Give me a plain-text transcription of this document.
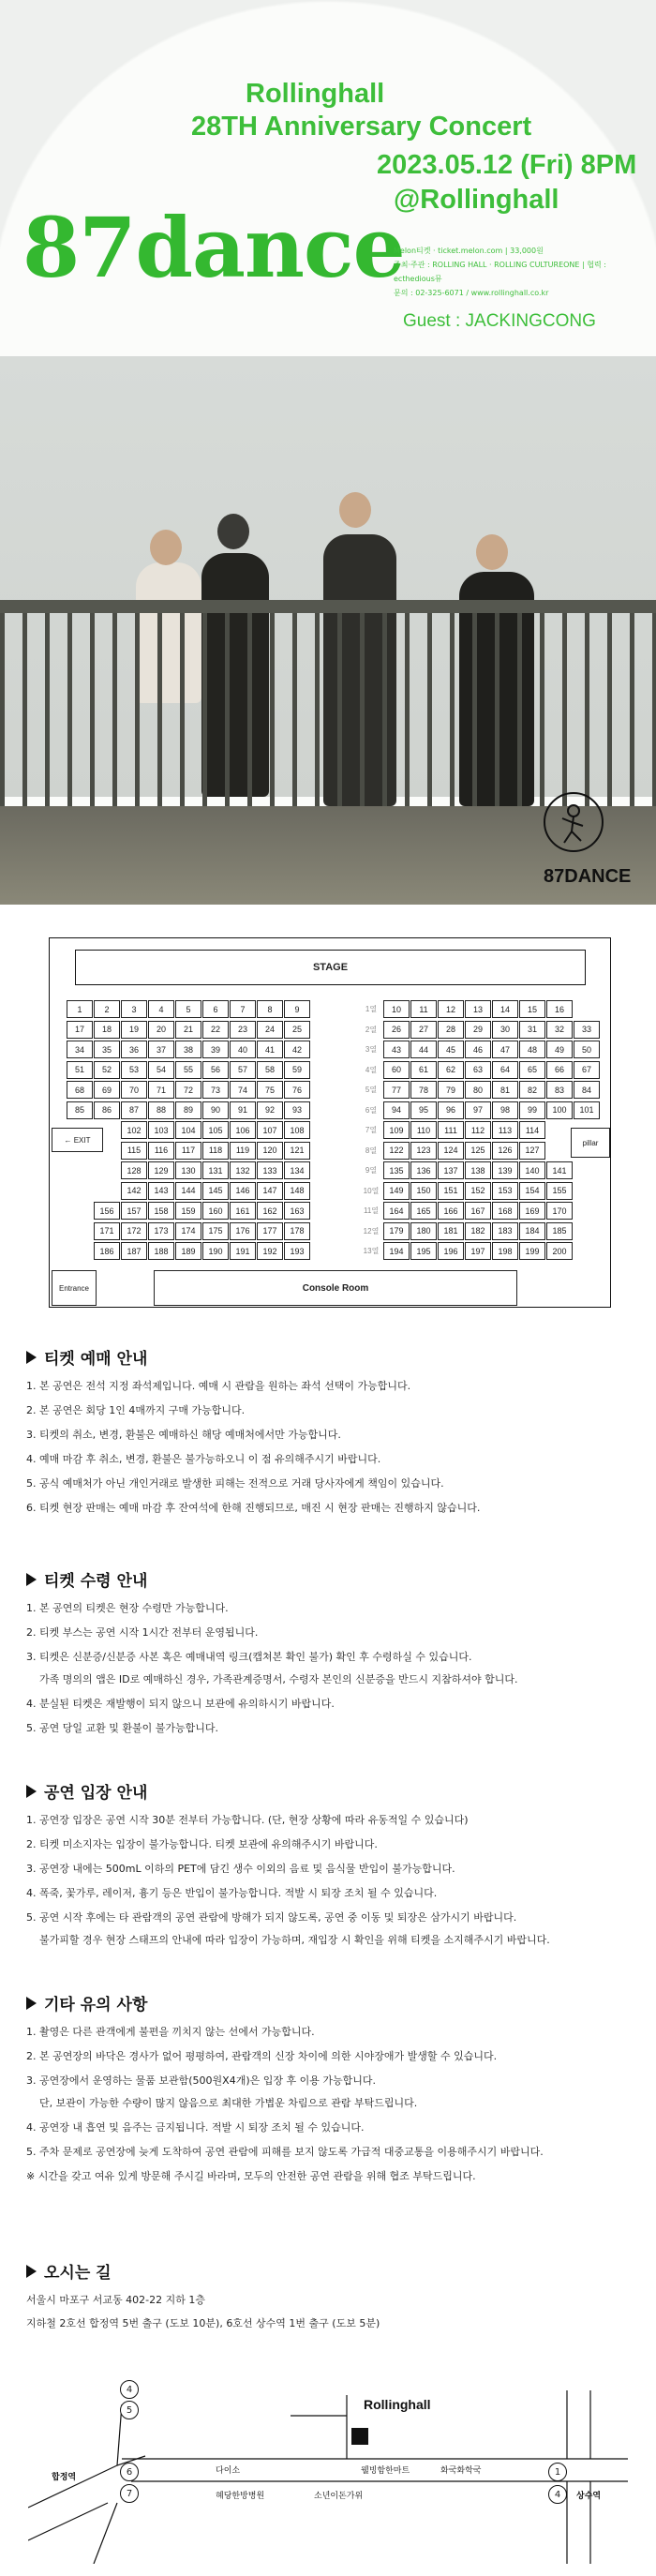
Rollinghall
28TH Anniversary Concert
2023.05.12 (Fri) 8PM
@Rollinghall
87dance
Melon티켓 · ticket.melon.com | 33,000원
주최·주관 : ROLLING HALL · ROLLING CULTUREONE | 협력 : ecthedious뮤
문의 : 02-325-6071 / www.rollinghall.co.kr
Guest : JACKINGCONG
87DANCE
STAGE
1	2	3	4	5	6	7	8	9	1열
17	18	19	20	21	22	23	24	25	2열
34	35	36	37	38	39	40	41	42	3열
51	52	53	54	55	56	57	58	59	4열
68	69	70	71	72	73	74	75	76	5열
85	86	87	88	89	90	91	92	93	6열
102	103	104	105	106	107	108	7열
115	116	117	118	119	120	121	8열
128	129	130	131	132	133	134	9열
142	143	144	145	146	147	148	10열
156	157	158	159	160	161	162	163	11열
171	172	173	174	175	176	177	178	12열
186	187	188	189	190	191	192	193	13열
10	11	12	13	14	15	16
26	27	28	29	30	31	32	33
43	44	45	46	47	48	49	50
60	61	62	63	64	65	66	67
77	78	79	80	81	82	83	84
94	95	96	97	98	99	100	101
109	110	111	112	113	114
122	123	124	125	126	127
135	136	137	138	139	140	141
149	150	151	152	153	154	155
164	165	166	167	168	169	170
179	180	181	182	183	184	185
194	195	196	197	198	199	200
← EXIT	pillar
Entrance	Console Room
티켓 예매 안내
1. 본 공연은 전석 지정 좌석제입니다. 예매 시 관람을 원하는 좌석 선택이 가능합니다.
2. 본 공연은 회당 1인 4매까지 구매 가능합니다.
3. 티켓의 취소, 변경, 환불은 예매하신 해당 예매처에서만 가능합니다.
4. 예매 마감 후 취소, 변경, 환불은 불가능하오니 이 점 유의해주시기 바랍니다.
5. 공식 예매처가 아닌 개인거래로 발생한 피해는 전적으로 거래 당사자에게 책임이 있습니다.
6. 티켓 현장 판매는 예매 마감 후 잔여석에 한해 진행되므로, 매진 시 현장 판매는 진행하지 않습니다.
티켓 수령 안내
1. 본 공연의 티켓은 현장 수령만 가능합니다.
2. 티켓 부스는 공연 시작 1시간 전부터 운영됩니다.
3. 티켓은 신분증/신분증 사본 혹은 예매내역 링크(캡쳐본 확인 불가) 확인 후 수령하실 수 있습니다.
가족 명의의 앱은 ID로 예매하신 경우, 가족관계증명서, 수령자 본인의 신분증을 반드시 지참하셔야 합니다.
4. 분실된 티켓은 재발행이 되지 않으니 보관에 유의하시기 바랍니다.
5. 공연 당일 교환 및 환불이 불가능합니다.
공연 입장 안내
1. 공연장 입장은 공연 시작 30분 전부터 가능합니다. (단, 현장 상황에 따라 유동적일 수 있습니다)
2. 티켓 미소지자는 입장이 불가능합니다. 티켓 보관에 유의해주시기 바랍니다.
3. 공연장 내에는 500mL 이하의 PET에 담긴 생수 이외의 음료 및 음식물 반입이 불가능합니다.
4. 폭죽, 꽃가루, 레이저, 흉기 등은 반입이 불가능합니다. 적발 시 퇴장 조치 될 수 있습니다.
5. 공연 시작 후에는 타 관람객의 공연 관람에 방해가 되지 않도록, 공연 중 이동 및 퇴장은 삼가시기 바랍니다.
불가피할 경우 현장 스태프의 안내에 따라 입장이 가능하며, 재입장 시 확인을 위해 티켓을 소지해주시기 바랍니다.
기타 유의 사항
1. 촬영은 다른 관객에게 불편을 끼치지 않는 선에서 가능합니다.
2. 본 공연장의 바닥은 경사가 없어 평평하여, 관람객의 신장 차이에 의한 시야장애가 발생할 수 있습니다.
3. 공연장에서 운영하는 물품 보관함(500원X4개)은 입장 후 이용 가능합니다.
단, 보관이 가능한 수량이 많지 않음으로 최대한 가볍운 차림으로 관람 부탁드립니다.
4. 공연장 내 흡연 및 음주는 금지됩니다. 적발 시 퇴장 조치 될 수 있습니다.
5. 주차 문제로 공연장에 늦게 도착하여 공연 관람에 피해를 보지 않도록 가급적 대중교통을 이용해주시기 바랍니다.
※ 시간을 갖고 여유 있게 방문해 주시길 바라며, 모두의 안전한 공연 관람을 위해 협조 부탁드립니다.
오시는 길
서울시 마포구 서교동 402-22 지하 1층
지하철 2호선 합정역 5번 출구 (도보 10분), 6호선 상수역 1번 출구 (도보 5분)
4
5
6
7
1
4
합정역
상수역
Rollinghall
다이소	웰빙함한마트	화국화학국
혜당한방병원	소년이돈가위
